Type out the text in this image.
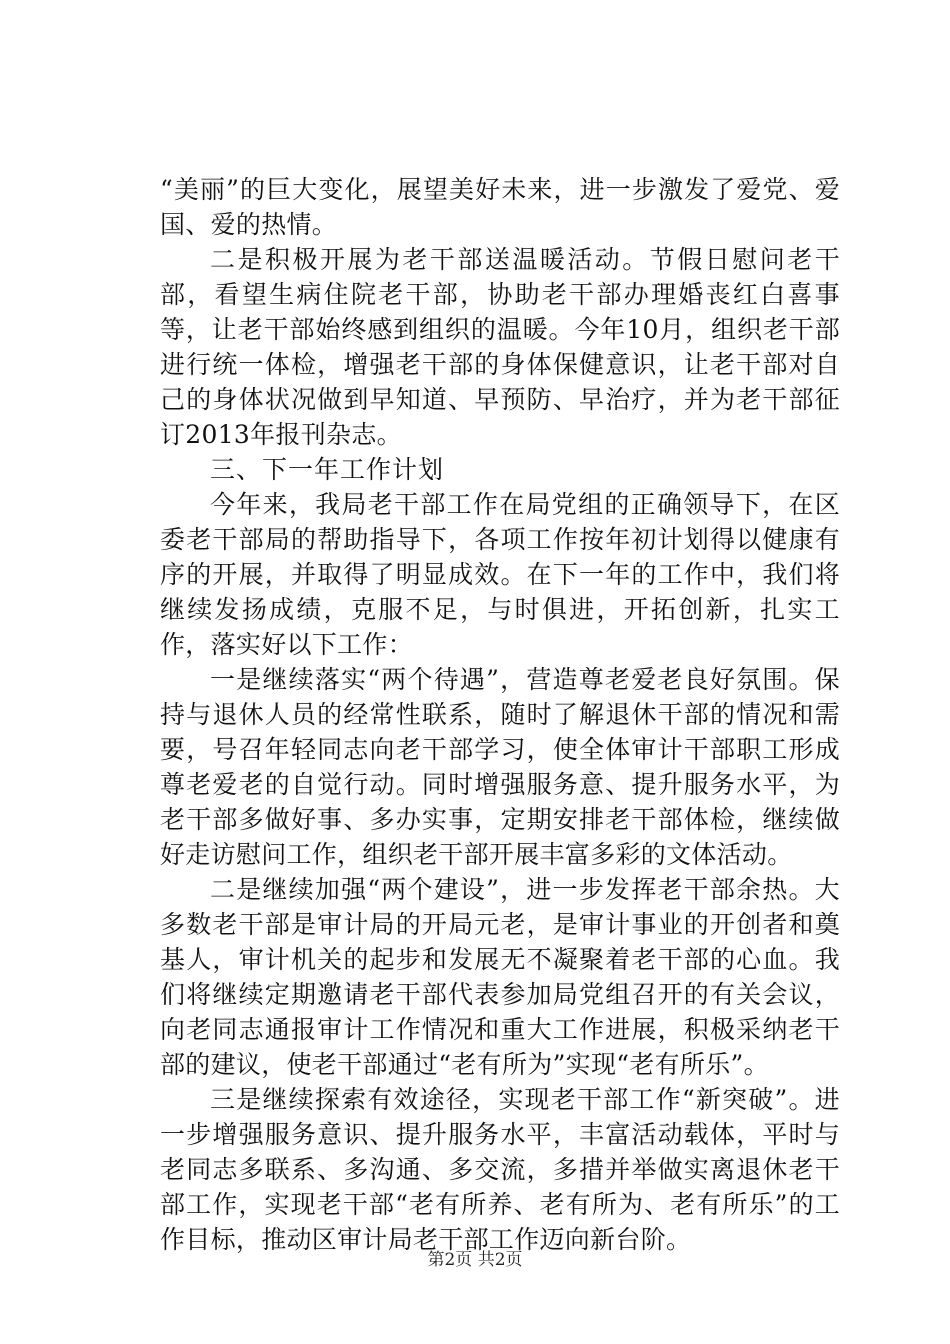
“美丽”的巨大变化，展望美好未来，进一步激发了爱党、爱国、爱的热情。

二是积极开展为老干部送温暖活动。节假日慰问老干部，看望生病住院老干部，协助老干部办理婚丧红白喜事等，让老干部始终感到组织的温暖。今年10月，组织老干部进行统一体检，增强老干部的身体保健意识，让老干部对自己的身体状况做到早知道、早预防、早治疗，并为老干部征订2013年报刊杂志。

三、下一年工作计划

今年来，我局老干部工作在局党组的正确领导下，在区委老干部局的帮助指导下，各项工作按年初计划得以健康有序的开展，并取得了明显成效。在下一年的工作中，我们将继续发扬成绩，克服不足，与时俱进，开拓创新，扎实工作，落实好以下工作：

一是继续落实“两个待遇”，营造尊老爱老良好氛围。保持与退休人员的经常性联系，随时了解退休干部的情况和需要，号召年轻同志向老干部学习，使全体审计干部职工形成尊老爱老的自觉行动。同时增强服务意、提升服务水平，为老干部多做好事、多办实事，定期安排老干部体检，继续做好走访慰问工作，组织老干部开展丰富多彩的文体活动。

二是继续加强“两个建设”，进一步发挥老干部余热。大多数老干部是审计局的开局元老，是审计事业的开创者和奠基人，审计机关的起步和发展无不凝聚着老干部的心血。我们将继续定期邀请老干部代表参加局党组召开的有关会议，向老同志通报审计工作情况和重大工作进展，积极采纳老干部的建议，使老干部通过“老有所为”实现“老有所乐”。

三是继续探索有效途径，实现老干部工作“新突破”。进一步增强服务意识、提升服务水平，丰富活动载体，平时与老同志多联系、多沟通、多交流，多措并举做实离退休老干部工作，实现老干部“老有所养、老有所为、老有所乐”的工作目标，推动区审计局老干部工作迈向新台阶。

第2页 共2页
